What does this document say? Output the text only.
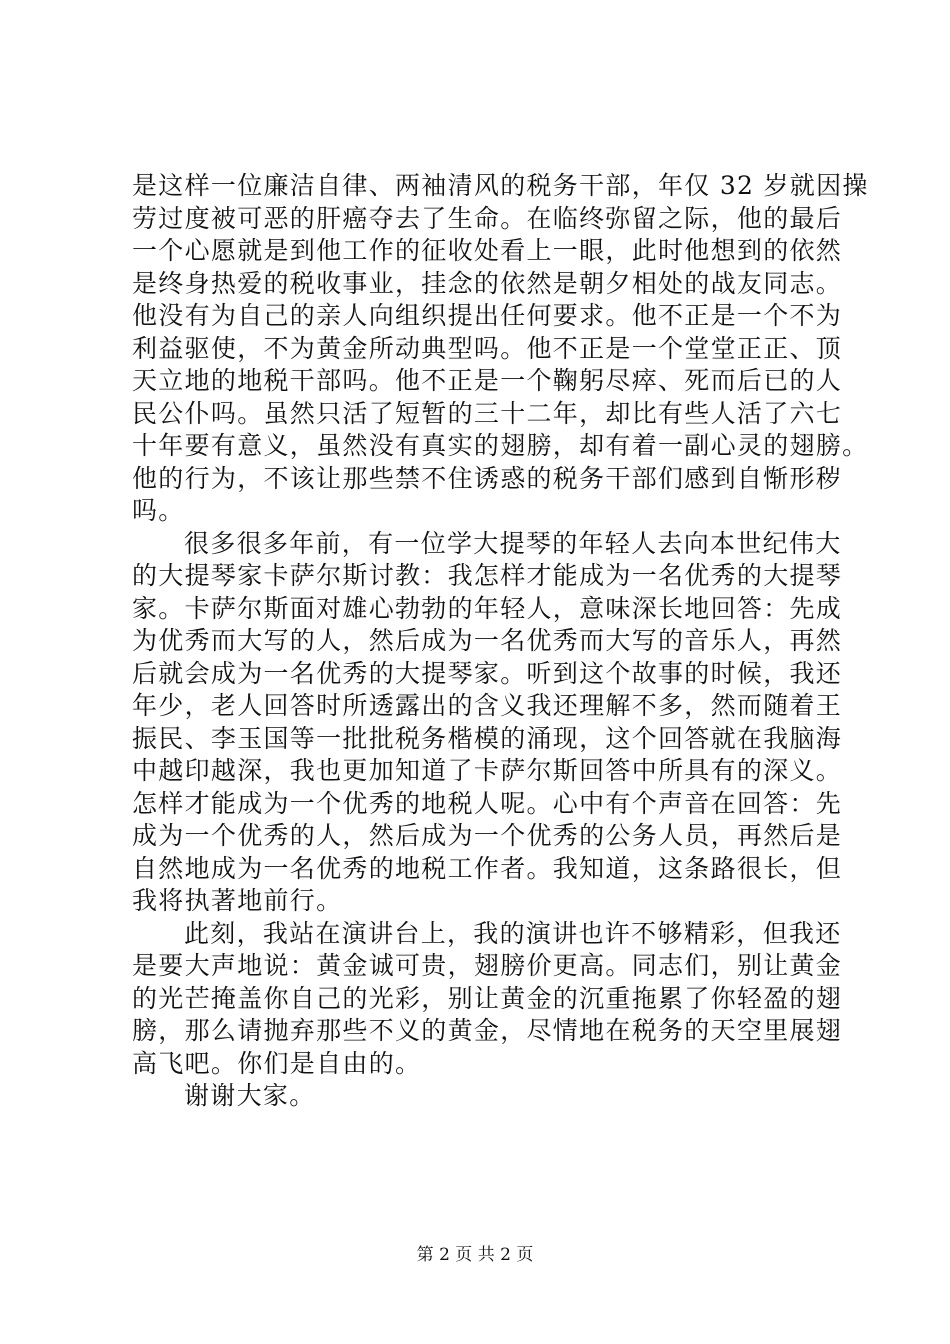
是这样一位廉洁自律、两袖清风的税务干部，年仅 32 岁就因操
劳过度被可恶的肝癌夺去了生命。在临终弥留之际，他的最后
一个心愿就是到他工作的征收处看上一眼，此时他想到的依然
是终身热爱的税收事业，挂念的依然是朝夕相处的战友同志。
他没有为自己的亲人向组织提出任何要求。他不正是一个不为
利益驱使，不为黄金所动典型吗。他不正是一个堂堂正正、顶
天立地的地税干部吗。他不正是一个鞠躬尽瘁、死而后已的人
民公仆吗。虽然只活了短暂的三十二年，却比有些人活了六七
十年要有意义，虽然没有真实的翅膀，却有着一副心灵的翅膀。
他的行为，不该让那些禁不住诱惑的税务干部们感到自惭形秽
吗。
很多很多年前，有一位学大提琴的年轻人去向本世纪伟大
的大提琴家卡萨尔斯讨教：我怎样才能成为一名优秀的大提琴
家。卡萨尔斯面对雄心勃勃的年轻人，意味深长地回答：先成
为优秀而大写的人，然后成为一名优秀而大写的音乐人，再然
后就会成为一名优秀的大提琴家。听到这个故事的时候，我还
年少，老人回答时所透露出的含义我还理解不多，然而随着王
振民、李玉国等一批批税务楷模的涌现，这个回答就在我脑海
中越印越深，我也更加知道了卡萨尔斯回答中所具有的深义。
怎样才能成为一个优秀的地税人呢。心中有个声音在回答：先
成为一个优秀的人，然后成为一个优秀的公务人员，再然后是
自然地成为一名优秀的地税工作者。我知道，这条路很长，但
我将执著地前行。
此刻，我站在演讲台上，我的演讲也许不够精彩，但我还
是要大声地说：黄金诚可贵，翅膀价更高。同志们，别让黄金
的光芒掩盖你自己的光彩，别让黄金的沉重拖累了你轻盈的翅
膀，那么请抛弃那些不义的黄金，尽情地在税务的天空里展翅
高飞吧。你们是自由的。
谢谢大家。
第 2 页 共 2 页
